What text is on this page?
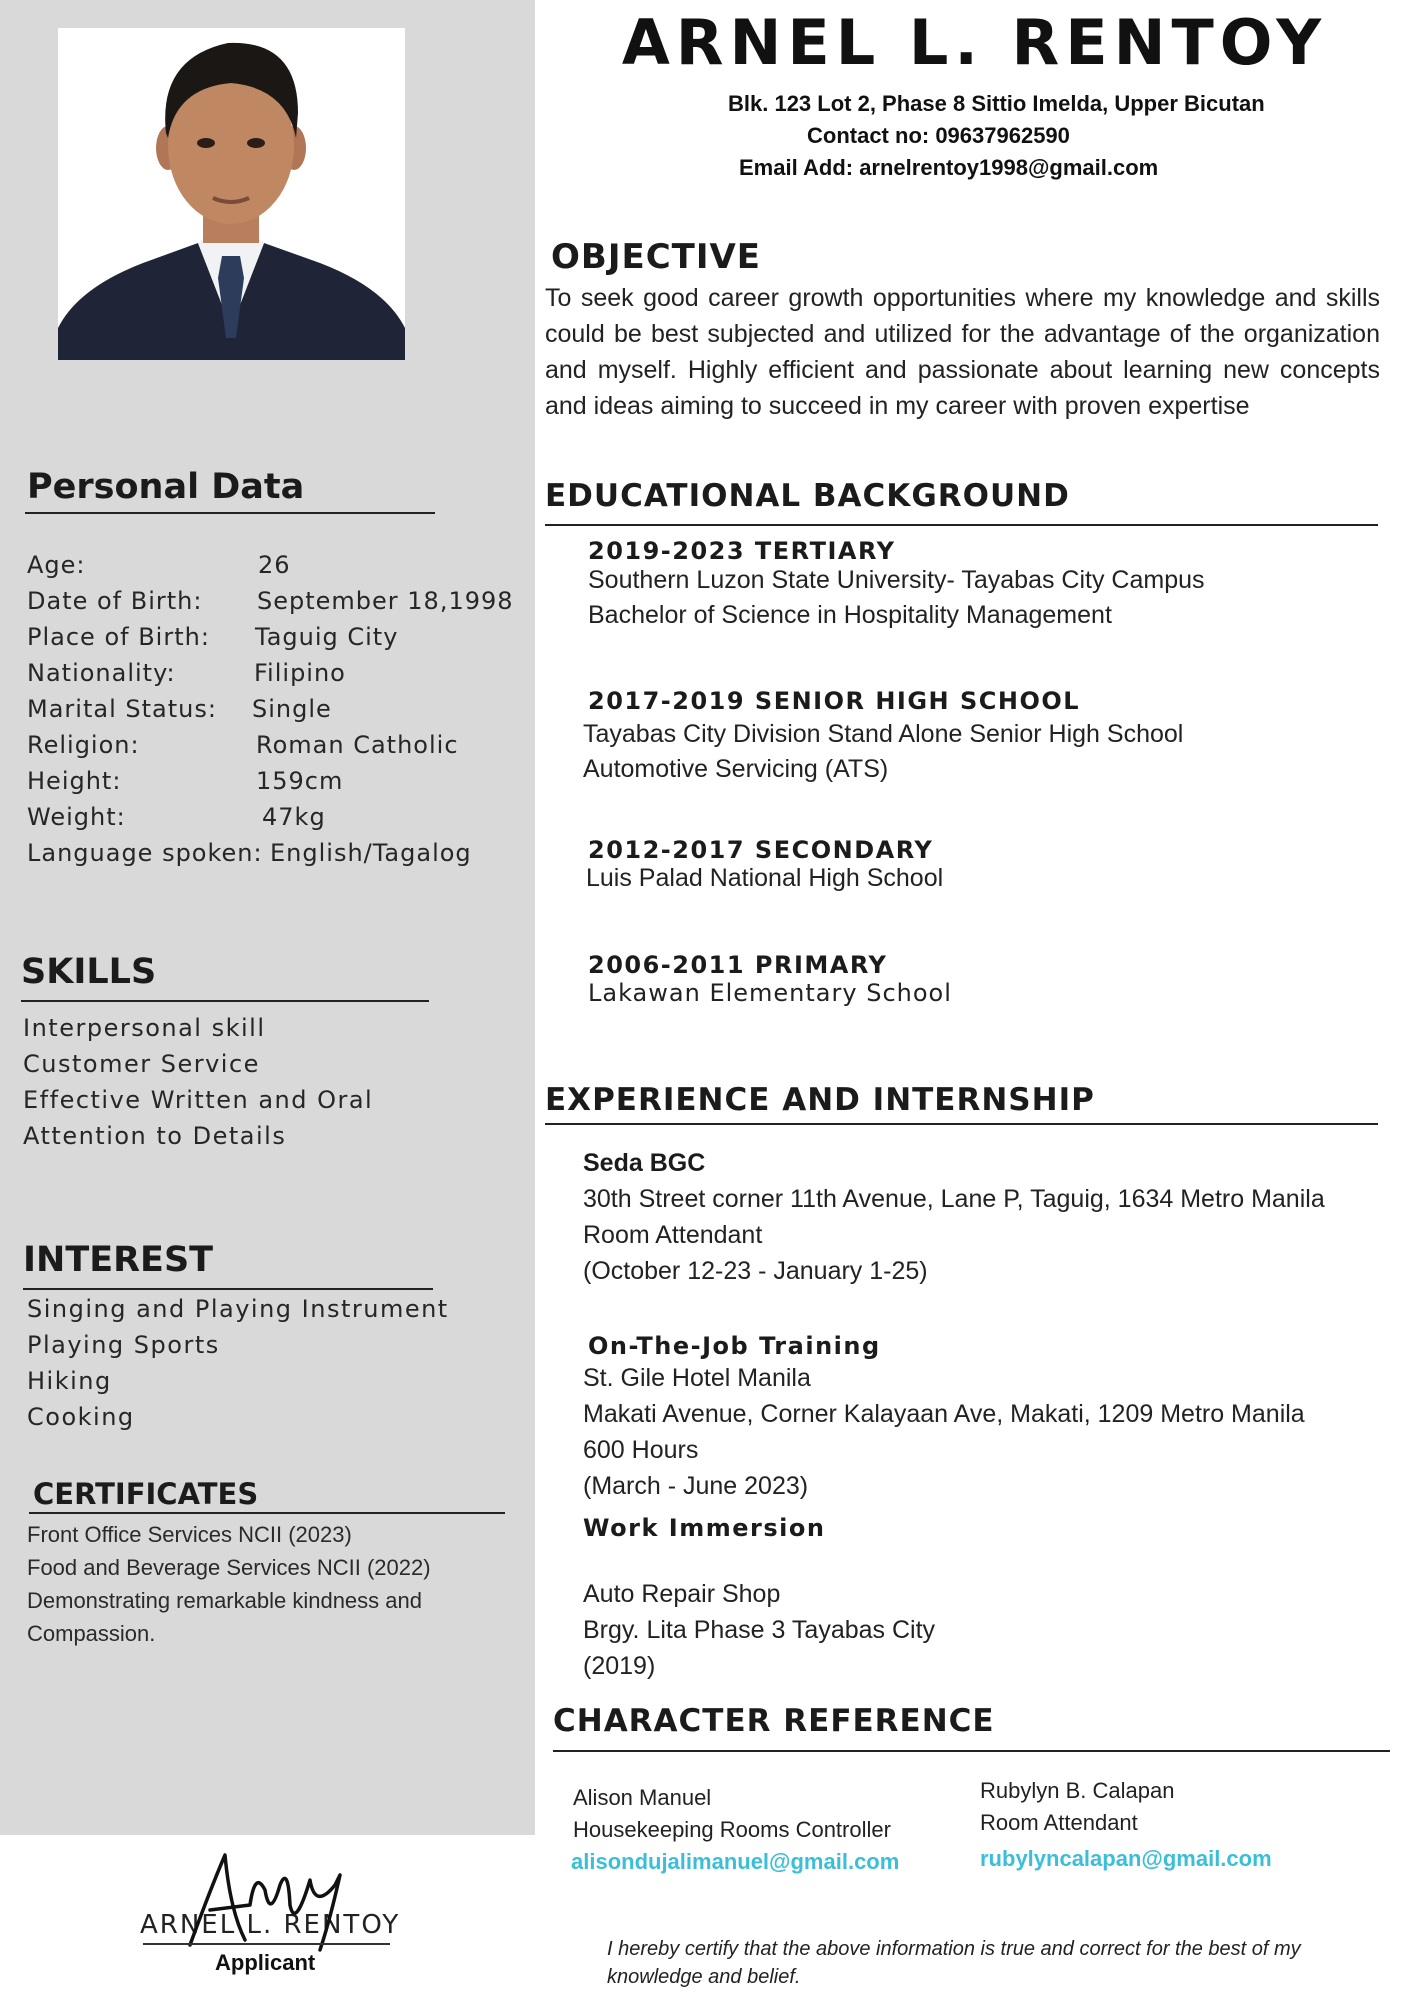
Personal Data
Age:	26
Date of Birth: September 18,1998
Place of Birth: Taguig City
Nationality:	Filipino
Marital Status: Single
Religion:	Roman Catholic
Height:	159cm
Weight:	47kg
Language spoken: English/Tagalog
SKILLS
Interpersonal skill
Customer Service
Effective Written and Oral
Attention to Details
INTEREST
Singing and Playing Instrument
Playing Sports
Hiking
Cooking
CERTIFICATES
Front Office Services NCII (2023)
Food and Beverage Services NCII (2022)
Demonstrating remarkable kindness and
Compassion.
ARNEL L. RENTOY
Blk. 123 Lot 2, Phase 8 Sittio Imelda, Upper Bicutan
Contact no: 09637962590
Email Add: arnelrentoy1998@gmail.com
OBJECTIVE
To seek good career growth opportunities where my knowledge and skills could be best subjected and utilized for the advantage of the organization and myself. Highly efficient and passionate about learning new concepts and ideas aiming to succeed in my career with proven expertise
EDUCATIONAL BACKGROUND
2019-2023 TERTIARY
Southern Luzon State University- Tayabas City Campus
Bachelor of Science in Hospitality Management
2017-2019 SENIOR HIGH SCHOOL
Tayabas City Division Stand Alone Senior High School
Automotive Servicing (ATS)
2012-2017 SECONDARY
Luis Palad National High School
2006-2011 PRIMARY
Lakawan Elementary School
EXPERIENCE AND INTERNSHIP
Seda BGC
30th Street corner 11th Avenue, Lane P, Taguig, 1634 Metro Manila
Room Attendant
(October 12-23 - January 1-25)
On-The-Job Training
St. Gile Hotel Manila
Makati Avenue, Corner Kalayaan Ave, Makati, 1209 Metro Manila
600 Hours
(March - June 2023)
Work Immersion
Auto Repair Shop
Brgy. Lita Phase 3 Tayabas City
(2019)
CHARACTER REFERENCE
Alison Manuel
Housekeeping Rooms Controller
alisondujalimanuel@gmail.com
Rubylyn B. Calapan
Room Attendant
rubylyncalapan@gmail.com
ARNEL L. RENTOY
Applicant
I hereby certify that the above information is true and correct for the best of my knowledge and belief.
